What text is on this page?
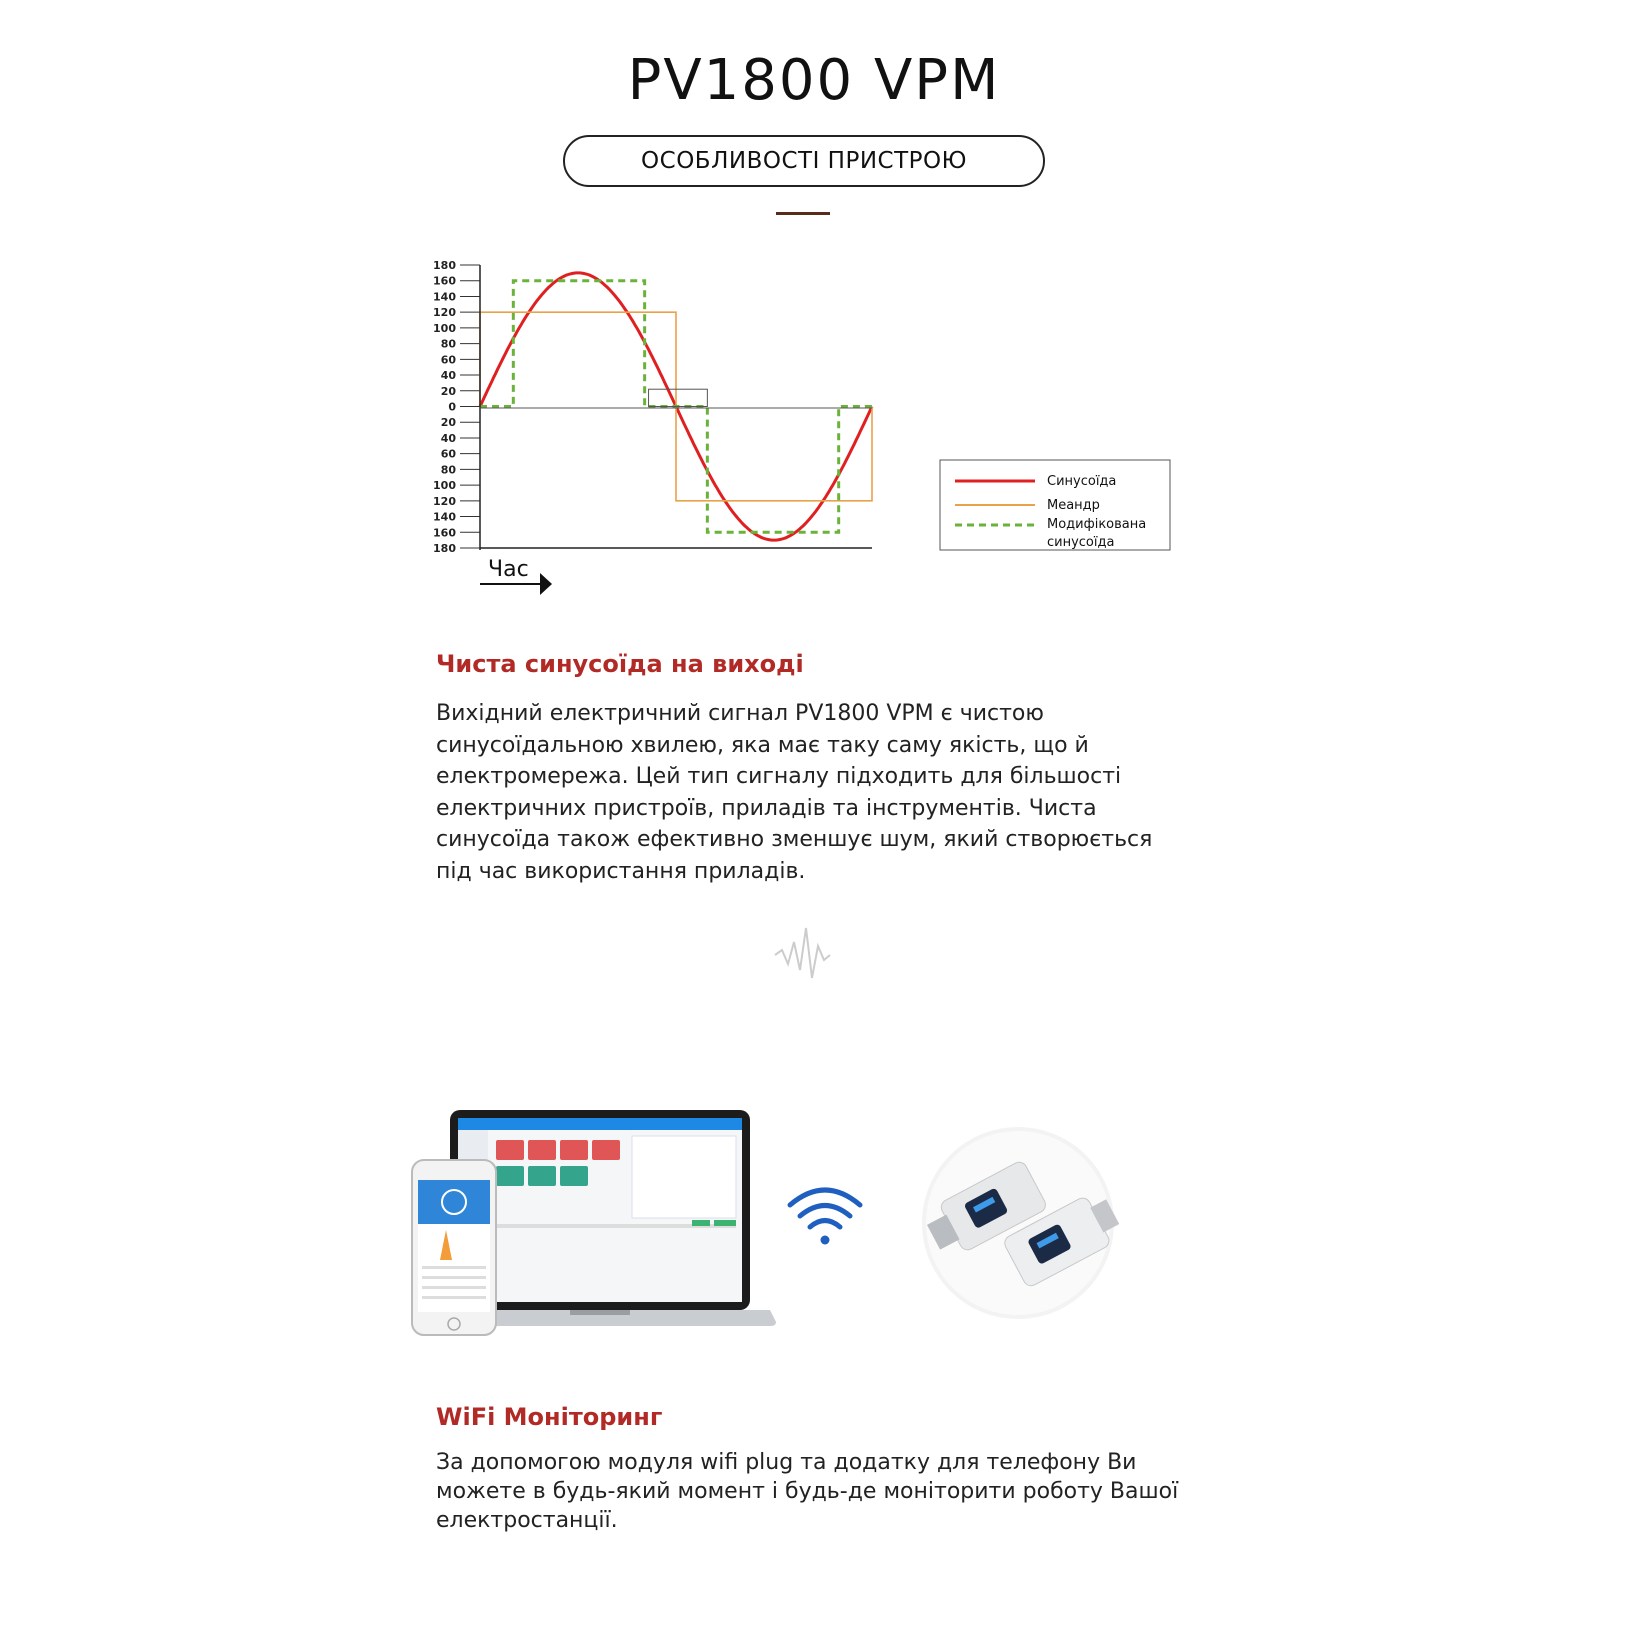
PV1800 VPM
ОСОБЛИВОСТІ ПРИСТРОЮ
180
160
140
120
100
80
60
40
20
0
20
40
60
80
100
120
140
160
180
Час
Синусоїда
Меандр
Модифікована синусоїда
Чиста синусоїда на виході
Вихідний електричний сигнал PV1800 VPM є чистою
синусоїдальною хвилею, яка має таку саму якість, що й
електромережа. Цей тип сигналу підходить для більшості
електричних пристроїв, приладів та інструментів. Чиста
синусоїда також ефективно зменшує шум, який створюється
під час використання приладів.
WiFi Моніторинг
За допомогою модуля wifi plug та додатку для телефону Ви
можете в будь-який момент і будь-де моніторити роботу Вашої
електростанції.
